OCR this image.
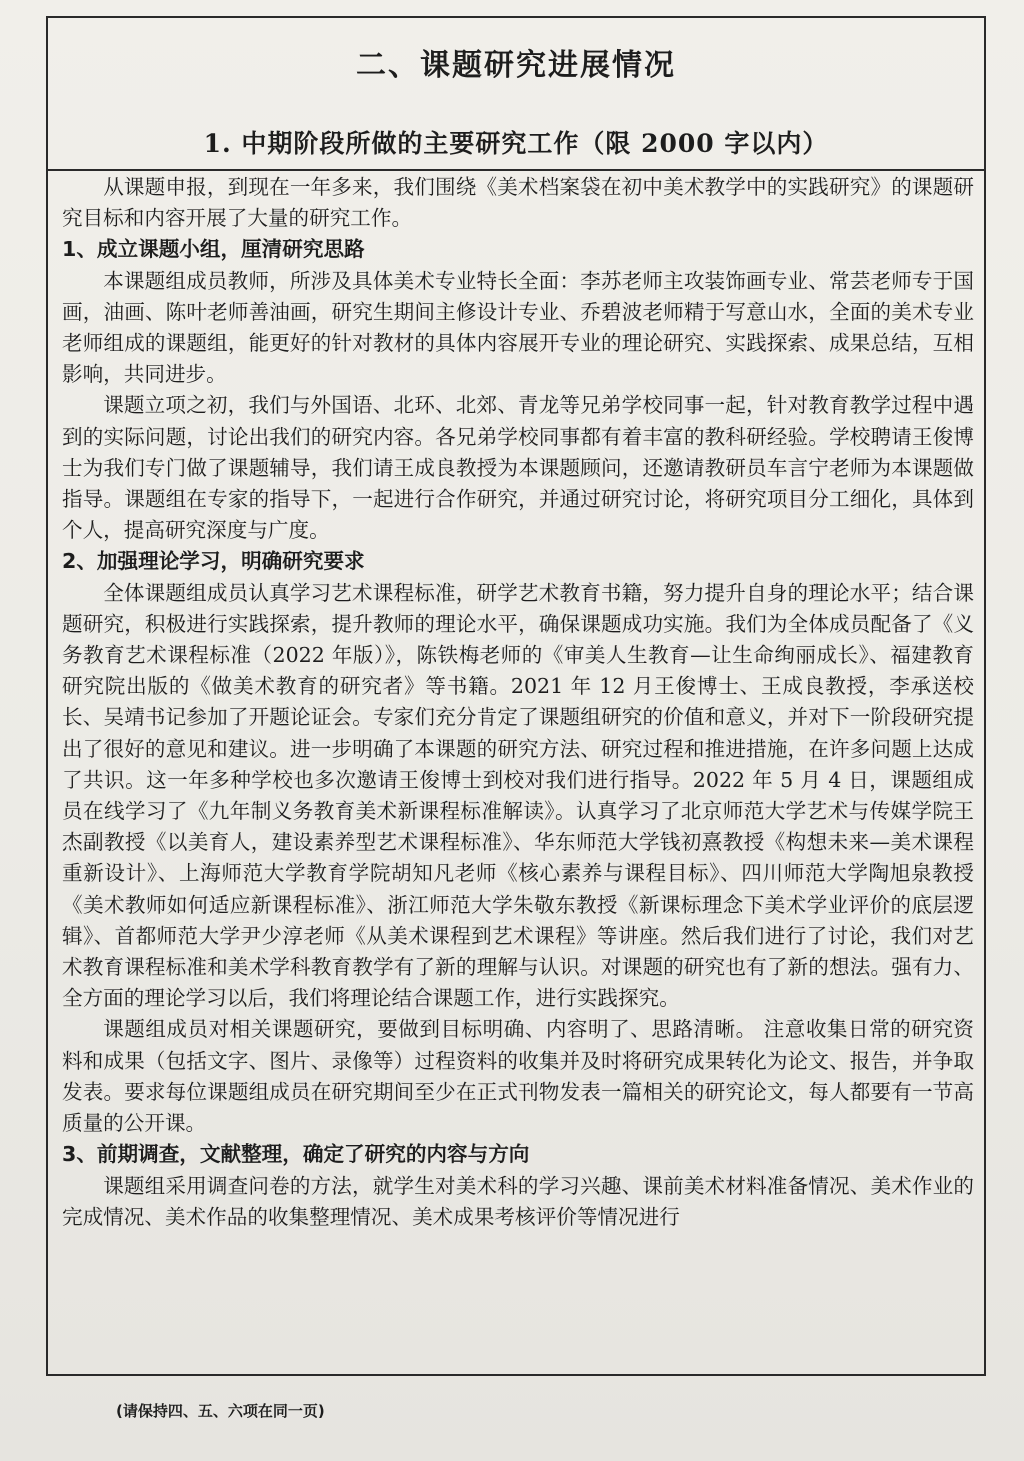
二、课题研究进展情况
1. 中期阶段所做的主要研究工作（限 2000 字以内）

从课题申报，到现在一年多来，我们围绕《美术档案袋在初中美术教学中的实践研究》的课题研究目标和内容开展了大量的研究工作。

1、成立课题小组，厘清研究思路

本课题组成员教师，所涉及具体美术专业特长全面：李苏老师主攻装饰画专业、常芸老师专于国画，油画、陈叶老师善油画，研究生期间主修设计专业、乔碧波老师精于写意山水，全面的美术专业老师组成的课题组，能更好的针对教材的具体内容展开专业的理论研究、实践探索、成果总结，互相影响，共同进步。

课题立项之初，我们与外国语、北环、北郊、青龙等兄弟学校同事一起，针对教育教学过程中遇到的实际问题，讨论出我们的研究内容。各兄弟学校同事都有着丰富的教科研经验。学校聘请王俊博士为我们专门做了课题辅导，我们请王成良教授为本课题顾问，还邀请教研员车言宁老师为本课题做指导。课题组在专家的指导下，一起进行合作研究，并通过研究讨论，将研究项目分工细化，具体到个人，提高研究深度与广度。

2、加强理论学习，明确研究要求

全体课题组成员认真学习艺术课程标准，研学艺术教育书籍，努力提升自身的理论水平；结合课题研究，积极进行实践探索，提升教师的理论水平，确保课题成功实施。我们为全体成员配备了《义务教育艺术课程标准（2022 年版）》，陈铁梅老师的《审美人生教育—让生命绚丽成长》、福建教育研究院出版的《做美术教育的研究者》等书籍。2021 年 12 月王俊博士、王成良教授，李承送校长、吴靖书记参加了开题论证会。专家们充分肯定了课题组研究的价值和意义，并对下一阶段研究提出了很好的意见和建议。进一步明确了本课题的研究方法、研究过程和推进措施，在许多问题上达成了共识。这一年多种学校也多次邀请王俊博士到校对我们进行指导。2022 年 5 月 4 日，课题组成员在线学习了《九年制义务教育美术新课程标准解读》。认真学习了北京师范大学艺术与传媒学院王杰副教授《以美育人，建设素养型艺术课程标准》、华东师范大学钱初熹教授《构想未来—美术课程重新设计》、上海师范大学教育学院胡知凡老师《核心素养与课程目标》、四川师范大学陶旭泉教授《美术教师如何适应新课程标准》、浙江师范大学朱敬东教授《新课标理念下美术学业评价的底层逻辑》、首都师范大学尹少淳老师《从美术课程到艺术课程》等讲座。然后我们进行了讨论，我们对艺术教育课程标准和美术学科教育教学有了新的理解与认识。对课题的研究也有了新的想法。强有力、全方面的理论学习以后，我们将理论结合课题工作，进行实践探究。

课题组成员对相关课题研究，要做到目标明确、内容明了、思路清晰。 注意收集日常的研究资料和成果（包括文字、图片、录像等）过程资料的收集并及时将研究成果转化为论文、报告，并争取发表。要求每位课题组成员在研究期间至少在正式刊物发表一篇相关的研究论文，每人都要有一节高质量的公开课。

3、前期调查，文献整理，确定了研究的内容与方向

课题组采用调查问卷的方法，就学生对美术科的学习兴趣、课前美术材料准备情况、美术作业的完成情况、美术作品的收集整理情况、美术成果考核评价等情况进行

(请保持四、五、六项在同一页)
